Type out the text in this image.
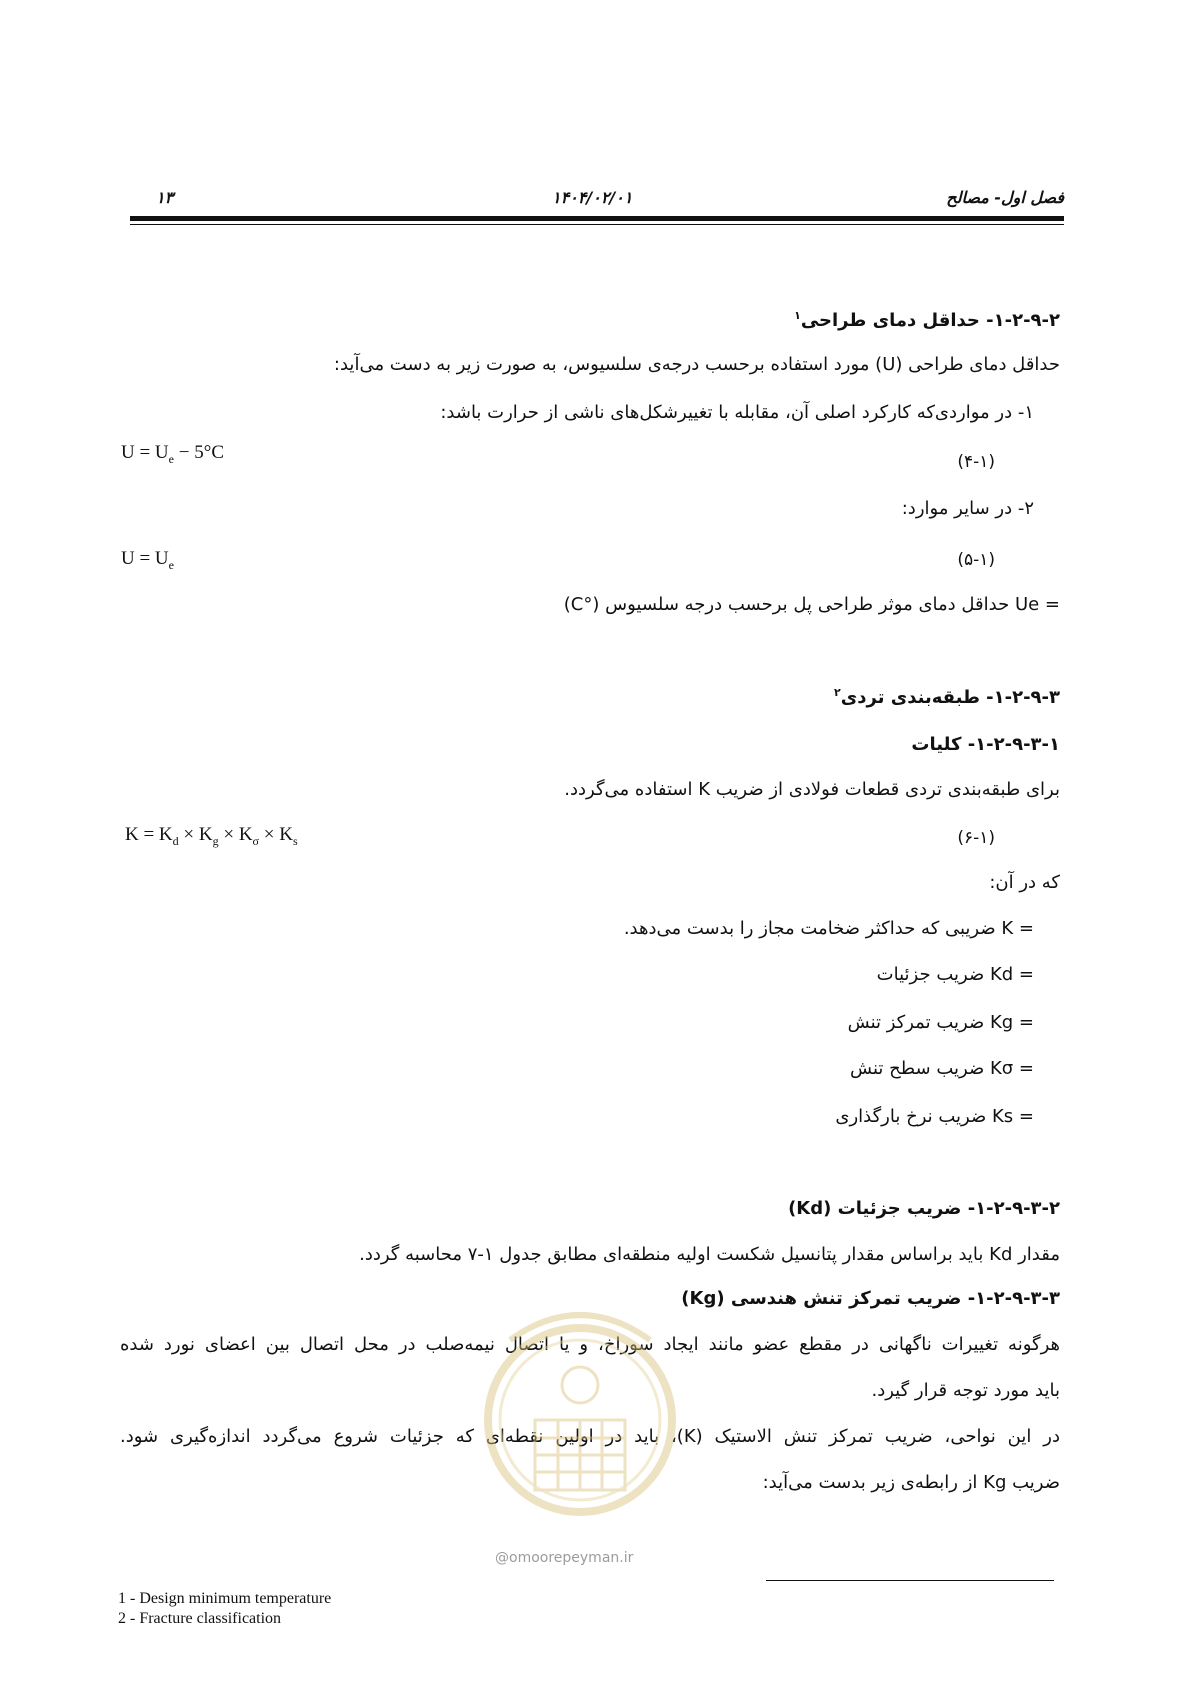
فصل اول- مصالح
۱۴۰۴/۰۲/۰۱
۱۳
۱-۲-۹-۲- حداقل دمای طراحی$^۱$
حداقل دمای طراحی (U) مورد استفاده برحسب درجه‌ی سلسیوس، به صورت زیر به دست می‌آید:
۱- در مواردی‌که کارکرد اصلی آن، مقابله با تغییرشکل‌های ناشی از حرارت باشد:
$U = U_e - 5^\circ C$	(۴-۱)
۲- در سایر موارد:
$U = U_e$	(۵-۱)
= Ue حداقل دمای موثر طراحی پل برحسب درجه سلسیوس (°C)
۱-۲-۹-۳- طبقه‌بندی تردی$^۲$
۱-۲-۹-۳-۱- کلیات
برای طبقه‌بندی تردی قطعات فولادی از ضریب K استفاده می‌گردد.
$K = K_d \times K_g \times K_\sigma \times K_s$	(۶-۱)
که در آن:
= K ضریبی که حداکثر ضخامت مجاز را بدست می‌دهد.
= Kd ضریب جزئیات
= Kg ضریب تمرکز تنش
= Kσ ضریب سطح تنش
= Ks ضریب نرخ بارگذاری
۱-۲-۹-۳-۲- ضریب جزئیات (Kd)
مقدار Kd باید براساس مقدار پتانسیل شکست اولیه منطقه‌ای مطابق جدول ۱-۷ محاسبه گردد.
۱-۲-۹-۳-۳- ضریب تمرکز تنش هندسی (Kg)
هرگونه تغییرات ناگهانی در مقطع عضو مانند ایجاد سوراخ، و یا اتصال نیمه‌صلب در محل اتصال بین اعضای نورد شده
باید مورد توجه قرار گیرد.
در این نواحی، ضریب تمرکز تنش الاستیک (K)، باید در اولین نقطه‌ای که جزئیات شروع می‌گردد اندازه‌گیری شود.
ضریب Kg از رابطه‌ی زیر بدست می‌آید:
@omoorepeyman.ir
1 - Design minimum temperature
2 - Fracture classification
